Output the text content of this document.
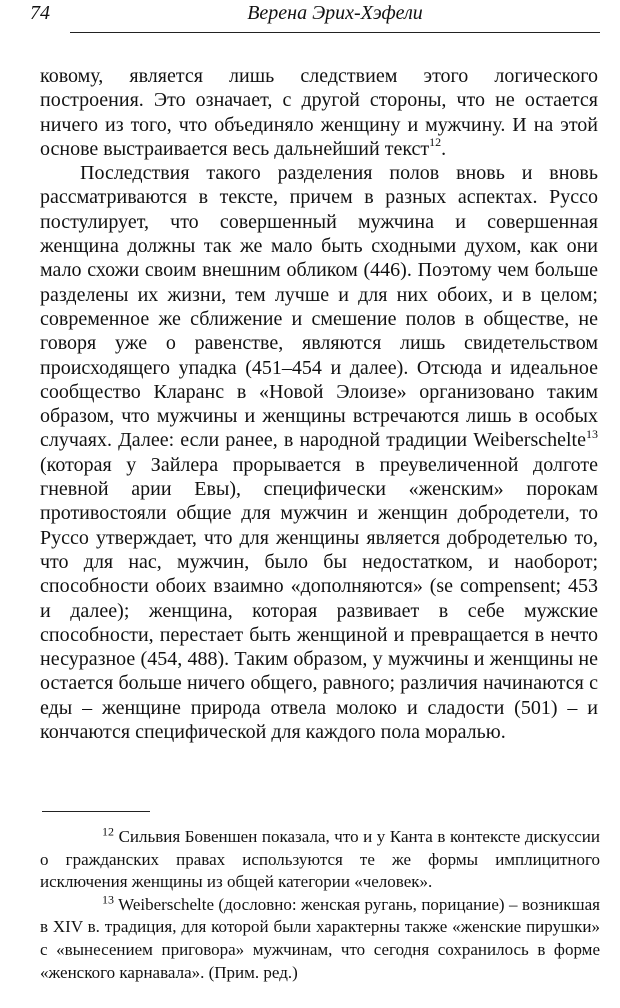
74	Верена Эрих-Хэфели

ковому, является лишь следствием этого логического построения. Это означает, с другой стороны, что не остается ничего из того, что объединяло женщину и мужчину. И на этой основе выстраивается весь дальнейший текст$^{12}$.

Последствия такого разделения полов вновь и вновь рассматриваются в тексте, причем в разных аспектах. Руссо постулирует, что совершенный мужчина и совершенная женщина должны так же мало быть сходными духом, как они мало схожи своим внешним обликом (446). Поэтому чем больше разделены их жизни, тем лучше и для них обоих, и в целом; современное же сближение и смешение полов в обществе, не говоря уже о равенстве, являются лишь свидетельством происходящего упадка (451–454 и далее). Отсюда и идеальное сообщество Кларанс в «Новой Элоизе» организовано таким образом, что мужчины и женщины встречаются лишь в особых случаях. Далее: если ранее, в народной традиции Weiberschelte$^{13}$ (которая у Зайлера прорывается в преувеличенной долготе гневной арии Евы), специфически «женским» порокам противостояли общие для мужчин и женщин добродетели, то Руссо утверждает, что для женщины является добродетелью то, что для нас, мужчин, было бы недостатком, и наоборот; способности обоих взаимно «дополняются» (se compensent; 453 и далее); женщина, которая развивает в себе мужские способности, перестает быть женщиной и превращается в нечто несуразное (454, 488). Таким образом, у мужчины и женщины не остается больше ничего общего, равного; различия начинаются с еды – женщине природа отвела молоко и сладости (501) – и кончаются специфической для каждого пола моралью.

$^{12}$ Сильвия Бовеншен показала, что и у Канта в контексте дискуссии о гражданских правах используются те же формы имплицитного исключения женщины из общей категории «человек».

$^{13}$ Weiberschelte (дословно: женская ругань, порицание) – возникшая в XIV в. традиция, для которой были характерны также «женские пирушки» с «вынесением приговора» мужчинам, что сегодня сохранилось в форме «женского карнавала». (Прим. ред.)
